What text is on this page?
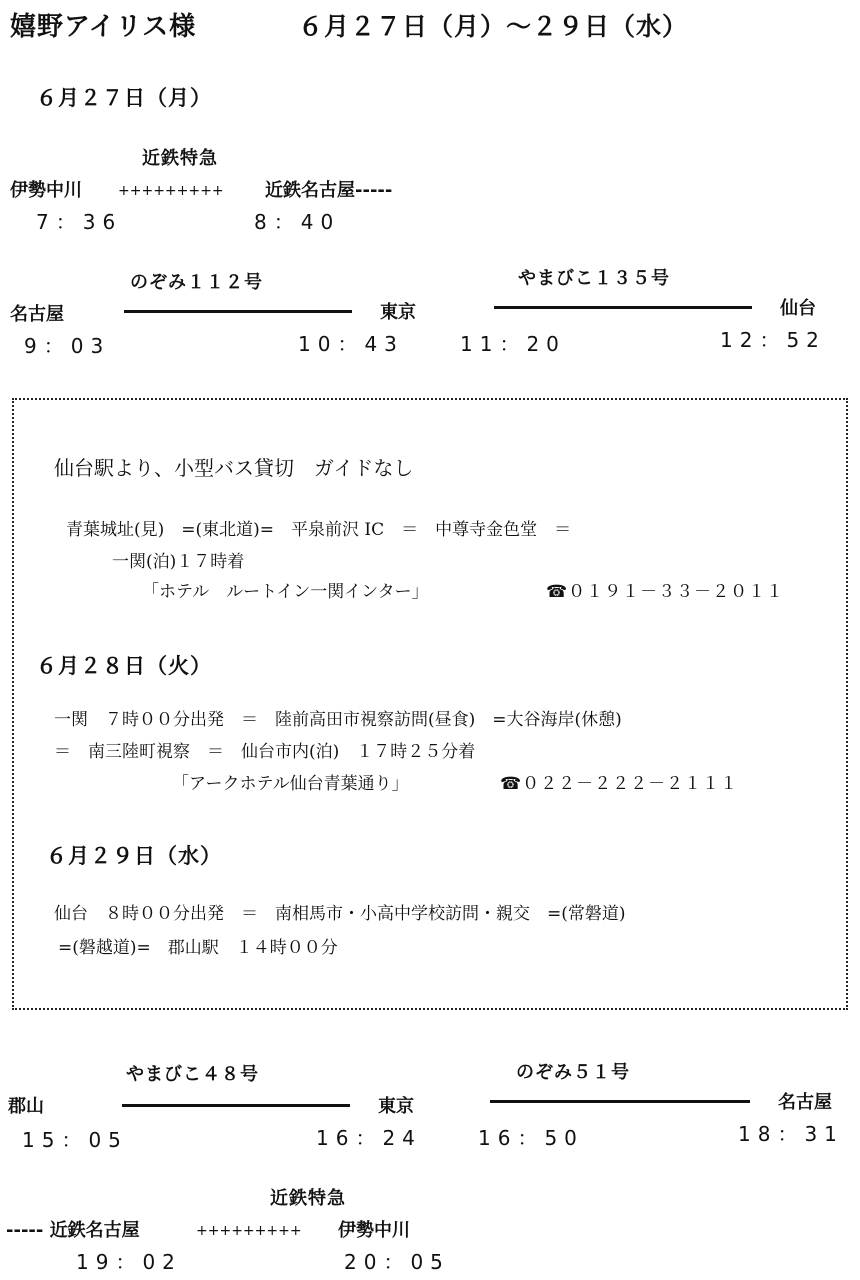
嬉野アイリス様	６月２７日（月）～２９日（水）
６月２７日（月）
近鉄特急
伊勢中川	+++++++++ 近鉄名古屋-----
7：36	8：40
のぞみ１１２号	やまびこ１３５号
名古屋	東京	仙台
9：03	10：43	11：20	12：52
仙台駅より、小型バス貸切　ガイドなし
青葉城址(見)　=(東北道)=　平泉前沢 IC　＝　中尊寺金色堂　＝
一関(泊)１７時着
「ホテル　ルートイン一関インター」	☎０１９１－３３－２０１１
６月２８日（火）
一関　７時００分出発　＝　陸前高田市視察訪問(昼食)　=大谷海岸(休憩)
＝　南三陸町視察　＝　仙台市内(泊)　１７時２５分着
「アークホテル仙台青葉通り」	☎０２２－２２２－２１１１
６月２９日（水）
仙台　８時００分出発　＝　南相馬市・小高中学校訪問・親交　=(常磐道)
=(磐越道)=　郡山駅　１４時００分
やまびこ４８号	のぞみ５１号
郡山	東京	名古屋
15：05	16：24	16：50	18：31
近鉄特急
----- 近鉄名古屋	+++++++++ 伊勢中川
19：02	20：05
